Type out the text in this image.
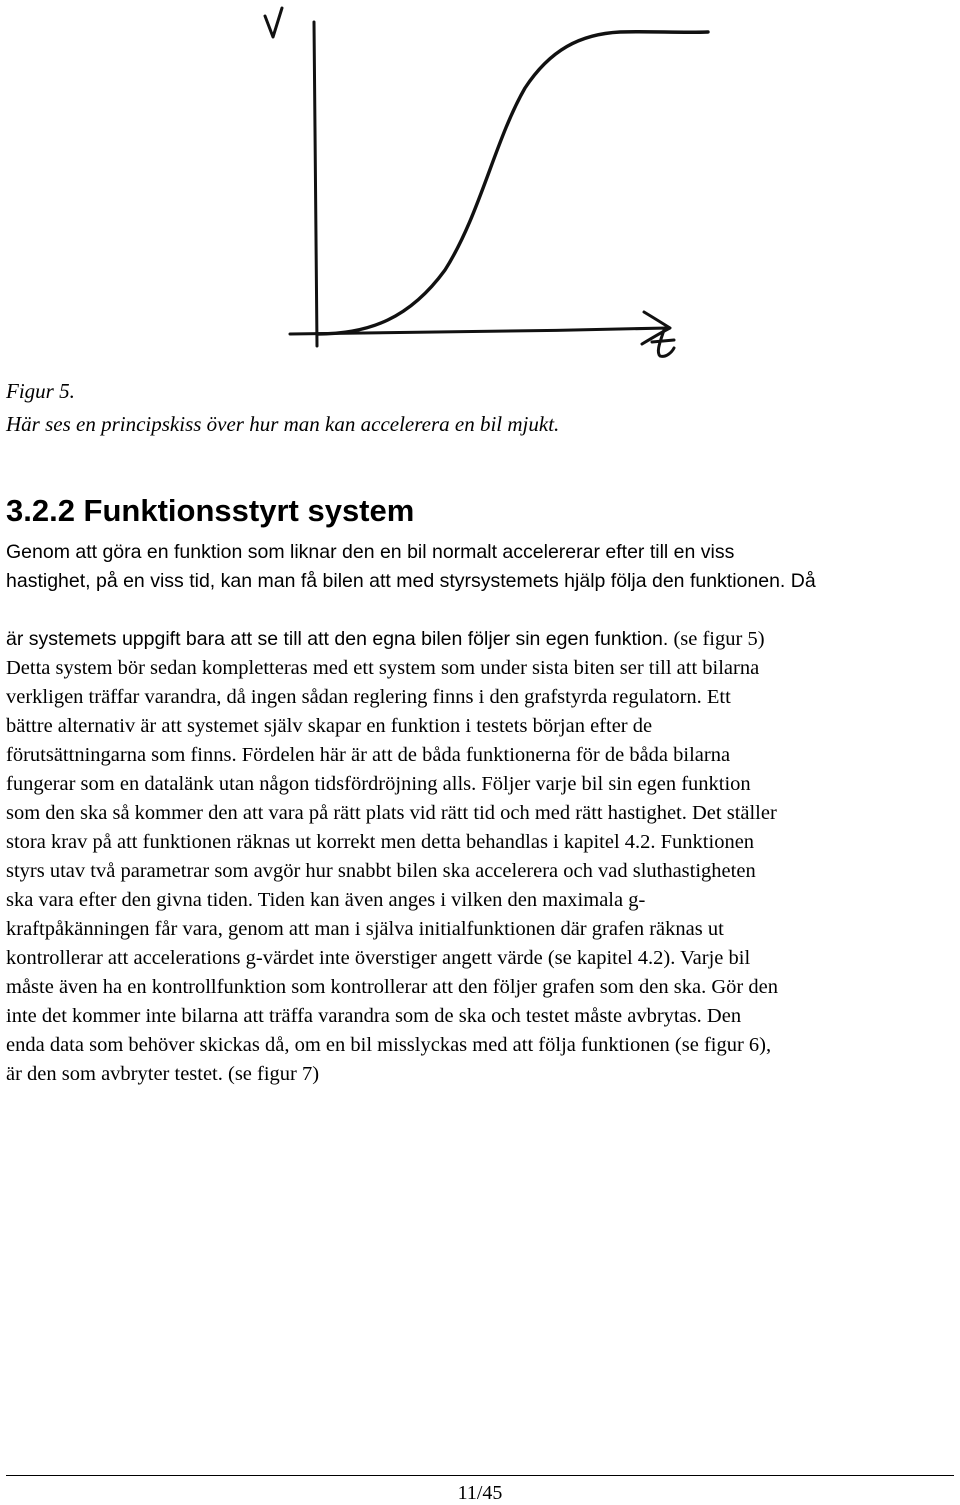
Figur 5.
Här ses en principskiss över hur man kan accelerera en bil mjukt.
3.2.2 Funktionsstyrt system
Genom att göra en funktion som liknar den en bil normalt accelererar efter till en viss
hastighet, på en viss tid, kan man få bilen att med styrsystemets hjälp följa den funktionen. Då
är systemets uppgift bara att se till att den egna bilen följer sin egen funktion. (se figur 5)
Detta system bör sedan kompletteras med ett system som under sista biten ser till att bilarna
verkligen träffar varandra, då ingen sådan reglering finns i den grafstyrda regulatorn. Ett
bättre alternativ är att systemet själv skapar en funktion i testets början efter de
förutsättningarna som finns. Fördelen här är att de båda funktionerna för de båda bilarna
fungerar som en datalänk utan någon tidsfördröjning alls. Följer varje bil sin egen funktion
som den ska så kommer den att vara på rätt plats vid rätt tid och med rätt hastighet. Det ställer
stora krav på att funktionen räknas ut korrekt men detta behandlas i kapitel 4.2. Funktionen
styrs utav två parametrar som avgör hur snabbt bilen ska accelerera och vad sluthastigheten
ska vara efter den givna tiden. Tiden kan även anges i vilken den maximala g-
kraftpåkänningen får vara, genom att man i själva initialfunktionen där grafen räknas ut
kontrollerar att accelerations g-värdet inte överstiger angett värde (se kapitel 4.2). Varje bil
måste även ha en kontrollfunktion som kontrollerar att den följer grafen som den ska. Gör den
inte det kommer inte bilarna att träffa varandra som de ska och testet måste avbrytas. Den
enda data som behöver skickas då, om en bil misslyckas med att följa funktionen (se figur 6),
är den som avbryter testet. (se figur 7)
11/45
